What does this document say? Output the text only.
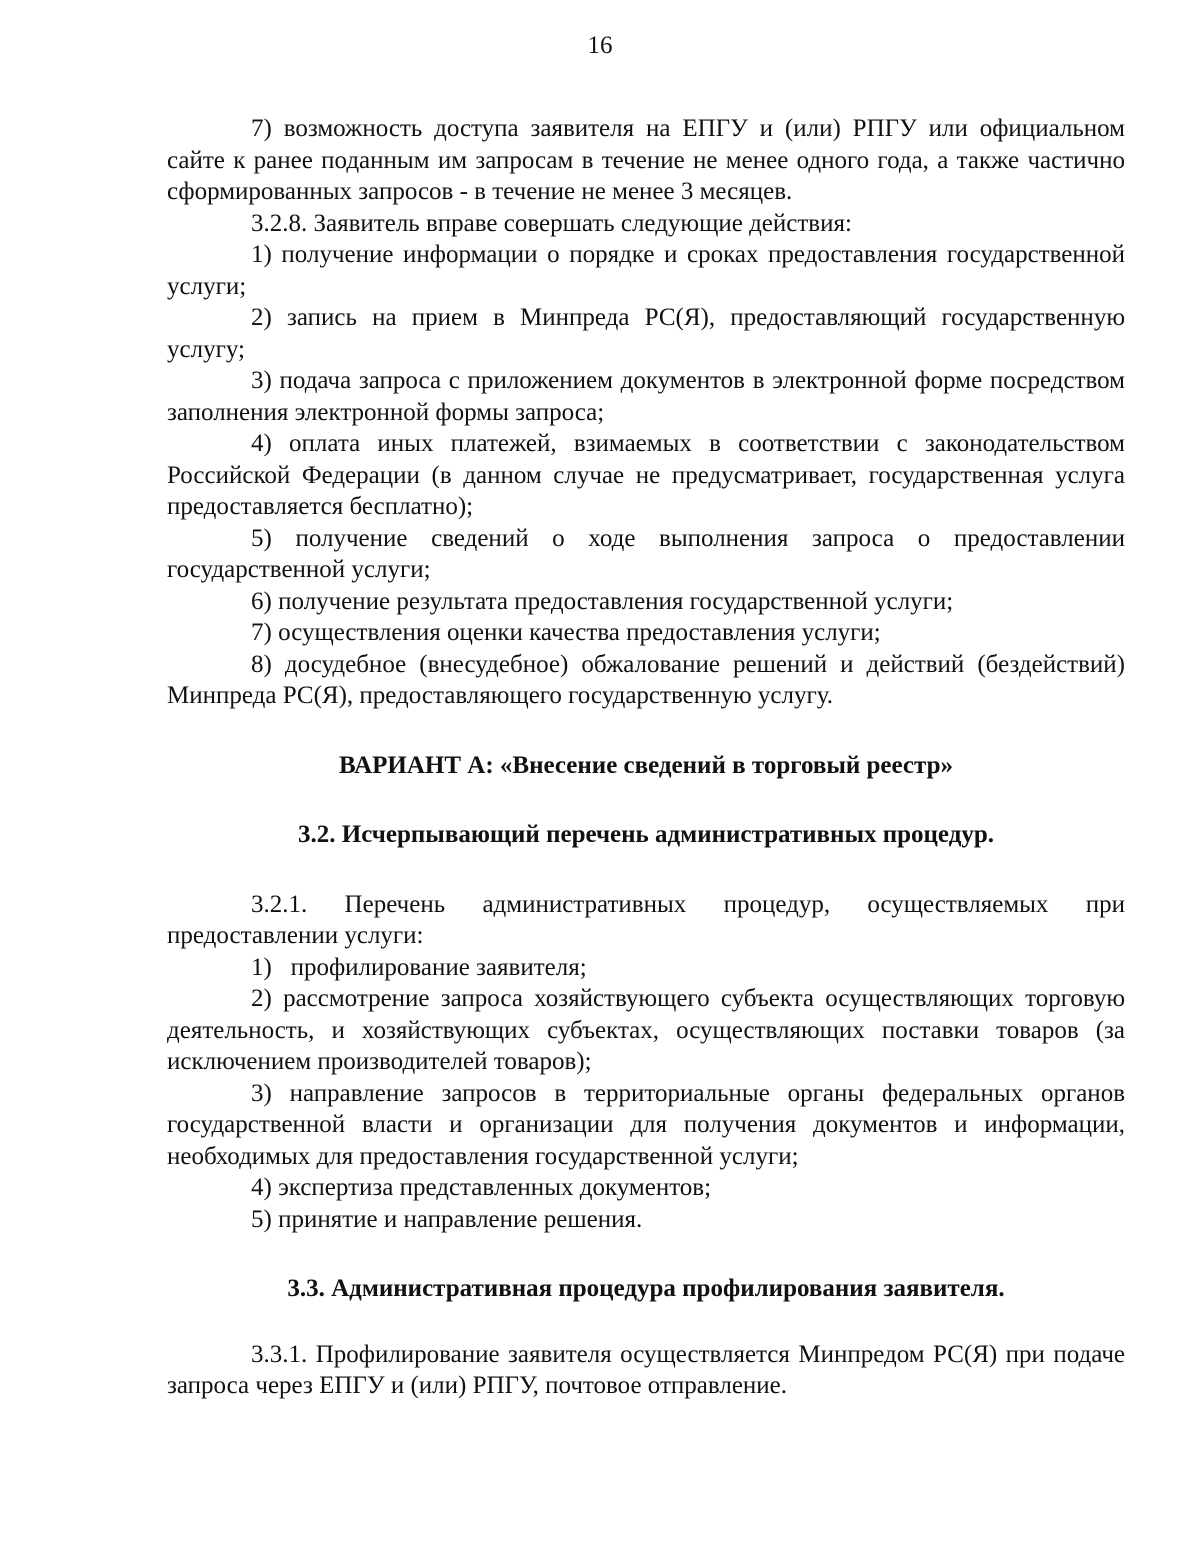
16

7) возможность доступа заявителя на ЕПГУ и (или) РПГУ или официальном сайте к ранее поданным им запросам в течение не менее одного года, а также частично сформированных запросов - в течение не менее 3 месяцев.

3.2.8. Заявитель вправе совершать следующие действия:

1) получение информации о порядке и сроках предоставления государственной услуги;

2) запись на прием в Минпреда РС(Я), предоставляющий государственную услугу;

3) подача запроса с приложением документов в электронной форме посредством заполнения электронной формы запроса;

4) оплата иных платежей, взимаемых в соответствии с законодательством Российской Федерации (в данном случае не предусматривает, государственная услуга предоставляется бесплатно);

5) получение сведений о ходе выполнения запроса о предоставлении государственной услуги;

6) получение результата предоставления государственной услуги;

7) осуществления оценки качества предоставления услуги;

8) досудебное (внесудебное) обжалование решений и действий (бездействий) Минпреда РС(Я), предоставляющего государственную услугу.

ВАРИАНТ А: «Внесение сведений в торговый реестр»

3.2. Исчерпывающий перечень административных процедур.

3.2.1. Перечень административных процедур, осуществляемых при предоставлении услуги:

1)   профилирование заявителя;

2) рассмотрение запроса хозяйствующего субъекта осуществляющих торговую деятельность, и хозяйствующих субъектах, осуществляющих поставки товаров (за исключением производителей товаров);

3) направление запросов в территориальные органы федеральных органов государственной власти и организации для получения документов и информации, необходимых для предоставления государственной услуги;

4) экспертиза представленных документов;

5) принятие и направление решения.

3.3. Административная процедура профилирования заявителя.

3.3.1. Профилирование заявителя осуществляется Минпредом РС(Я) при подаче запроса через ЕПГУ и (или) РПГУ, почтовое отправление.
